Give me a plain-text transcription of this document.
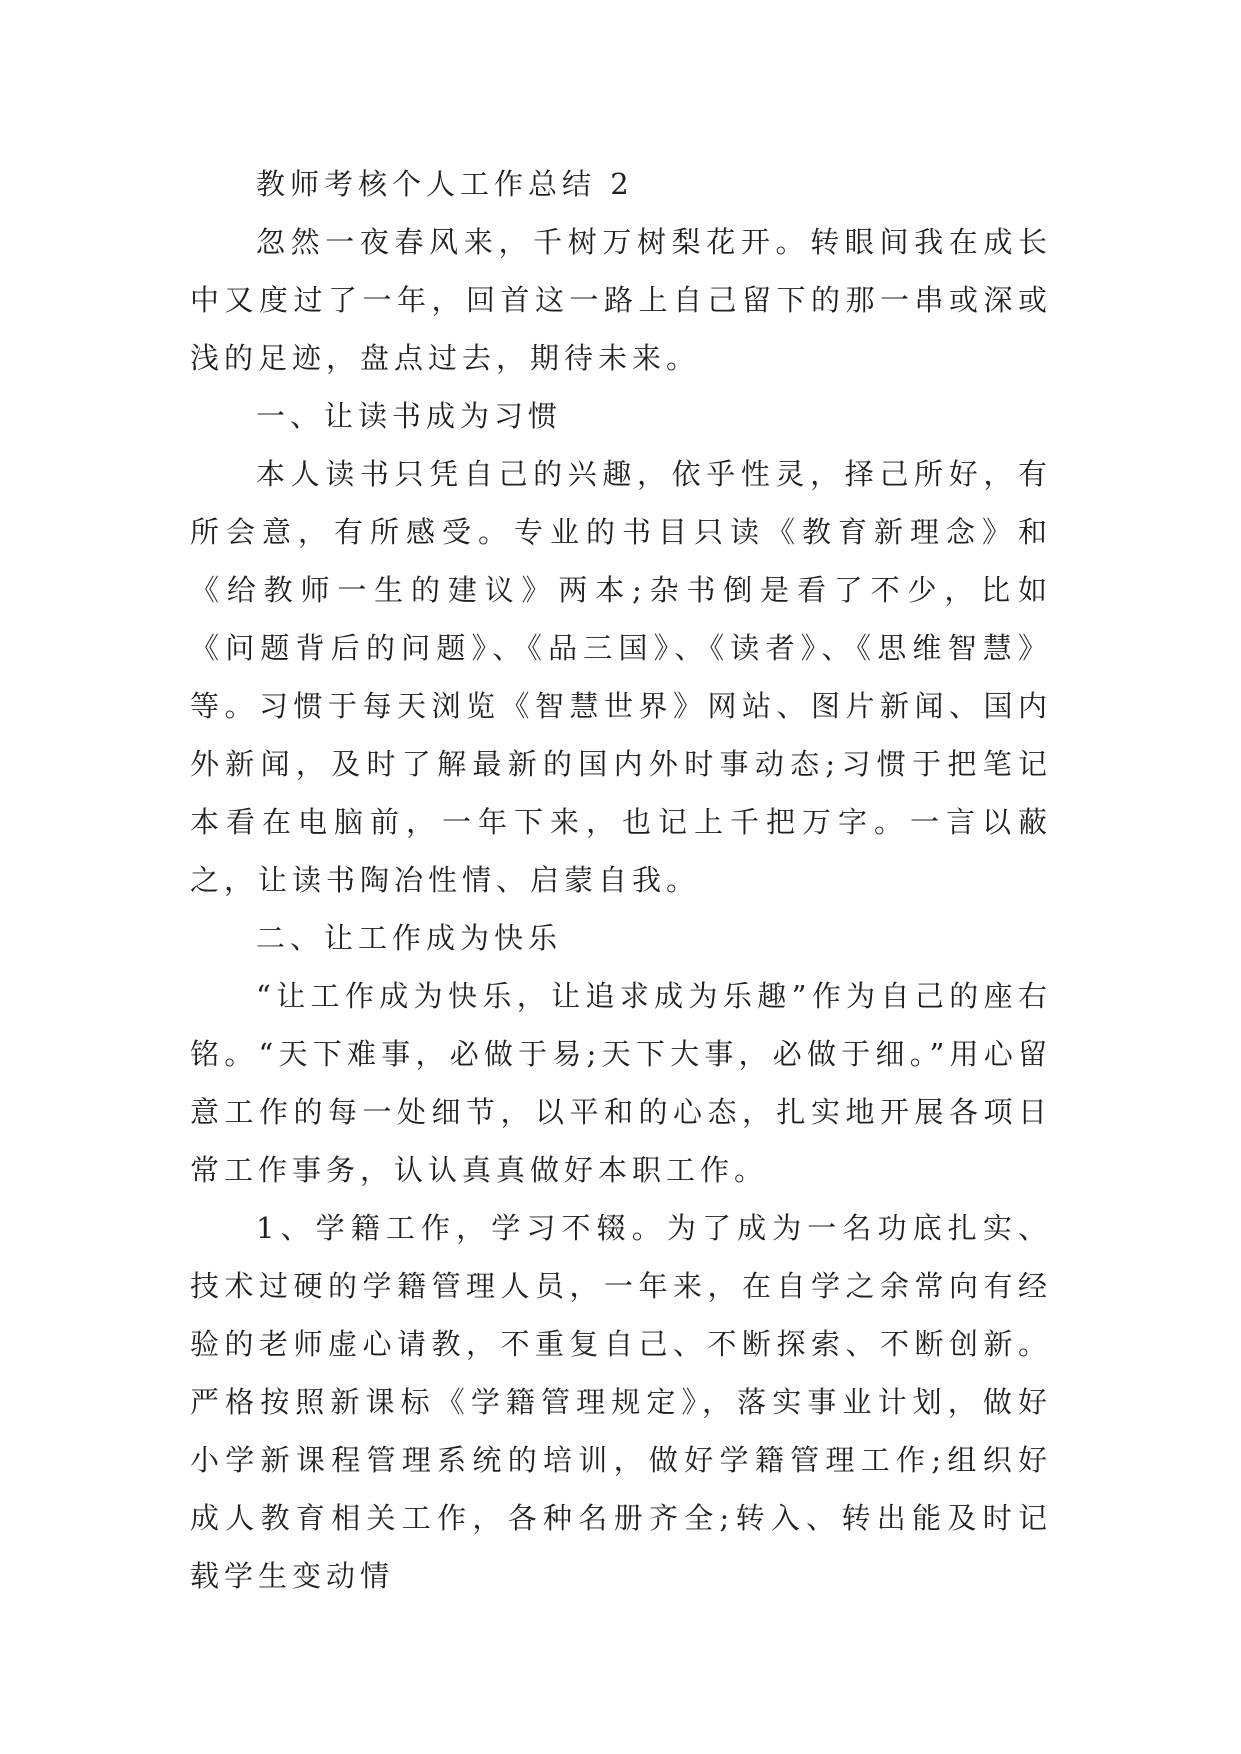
教师考核个人工作总结 2

忽然一夜春风来，千树万树梨花开。转眼间我在成长中又度过了一年，回首这一路上自己留下的那一串或深或浅的足迹，盘点过去，期待未来。

一、让读书成为习惯

本人读书只凭自己的兴趣，依乎性灵，择己所好，有所会意，有所感受。专业的书目只读《教育新理念》和《给教师一生的建议》两本;杂书倒是看了不少，比如《问题背后的问题》、《品三国》、《读者》、《思维智慧》等。习惯于每天浏览《智慧世界》网站、图片新闻、国内外新闻，及时了解最新的国内外时事动态;习惯于把笔记本看在电脑前，一年下来，也记上千把万字。一言以蔽之，让读书陶冶性情、启蒙自我。

二、让工作成为快乐

“让工作成为快乐，让追求成为乐趣”作为自己的座右铭。“天下难事，必做于易;天下大事，必做于细。”用心留意工作的每一处细节，以平和的心态，扎实地开展各项日常工作事务，认认真真做好本职工作。

1、学籍工作，学习不辍。为了成为一名功底扎实、技术过硬的学籍管理人员，一年来，在自学之余常向有经验的老师虚心请教，不重复自己、不断探索、不断创新。严格按照新课标《学籍管理规定》，落实事业计划，做好小学新课程管理系统的培训，做好学籍管理工作;组织好成人教育相关工作，各种名册齐全;转入、转出能及时记载学生变动情
